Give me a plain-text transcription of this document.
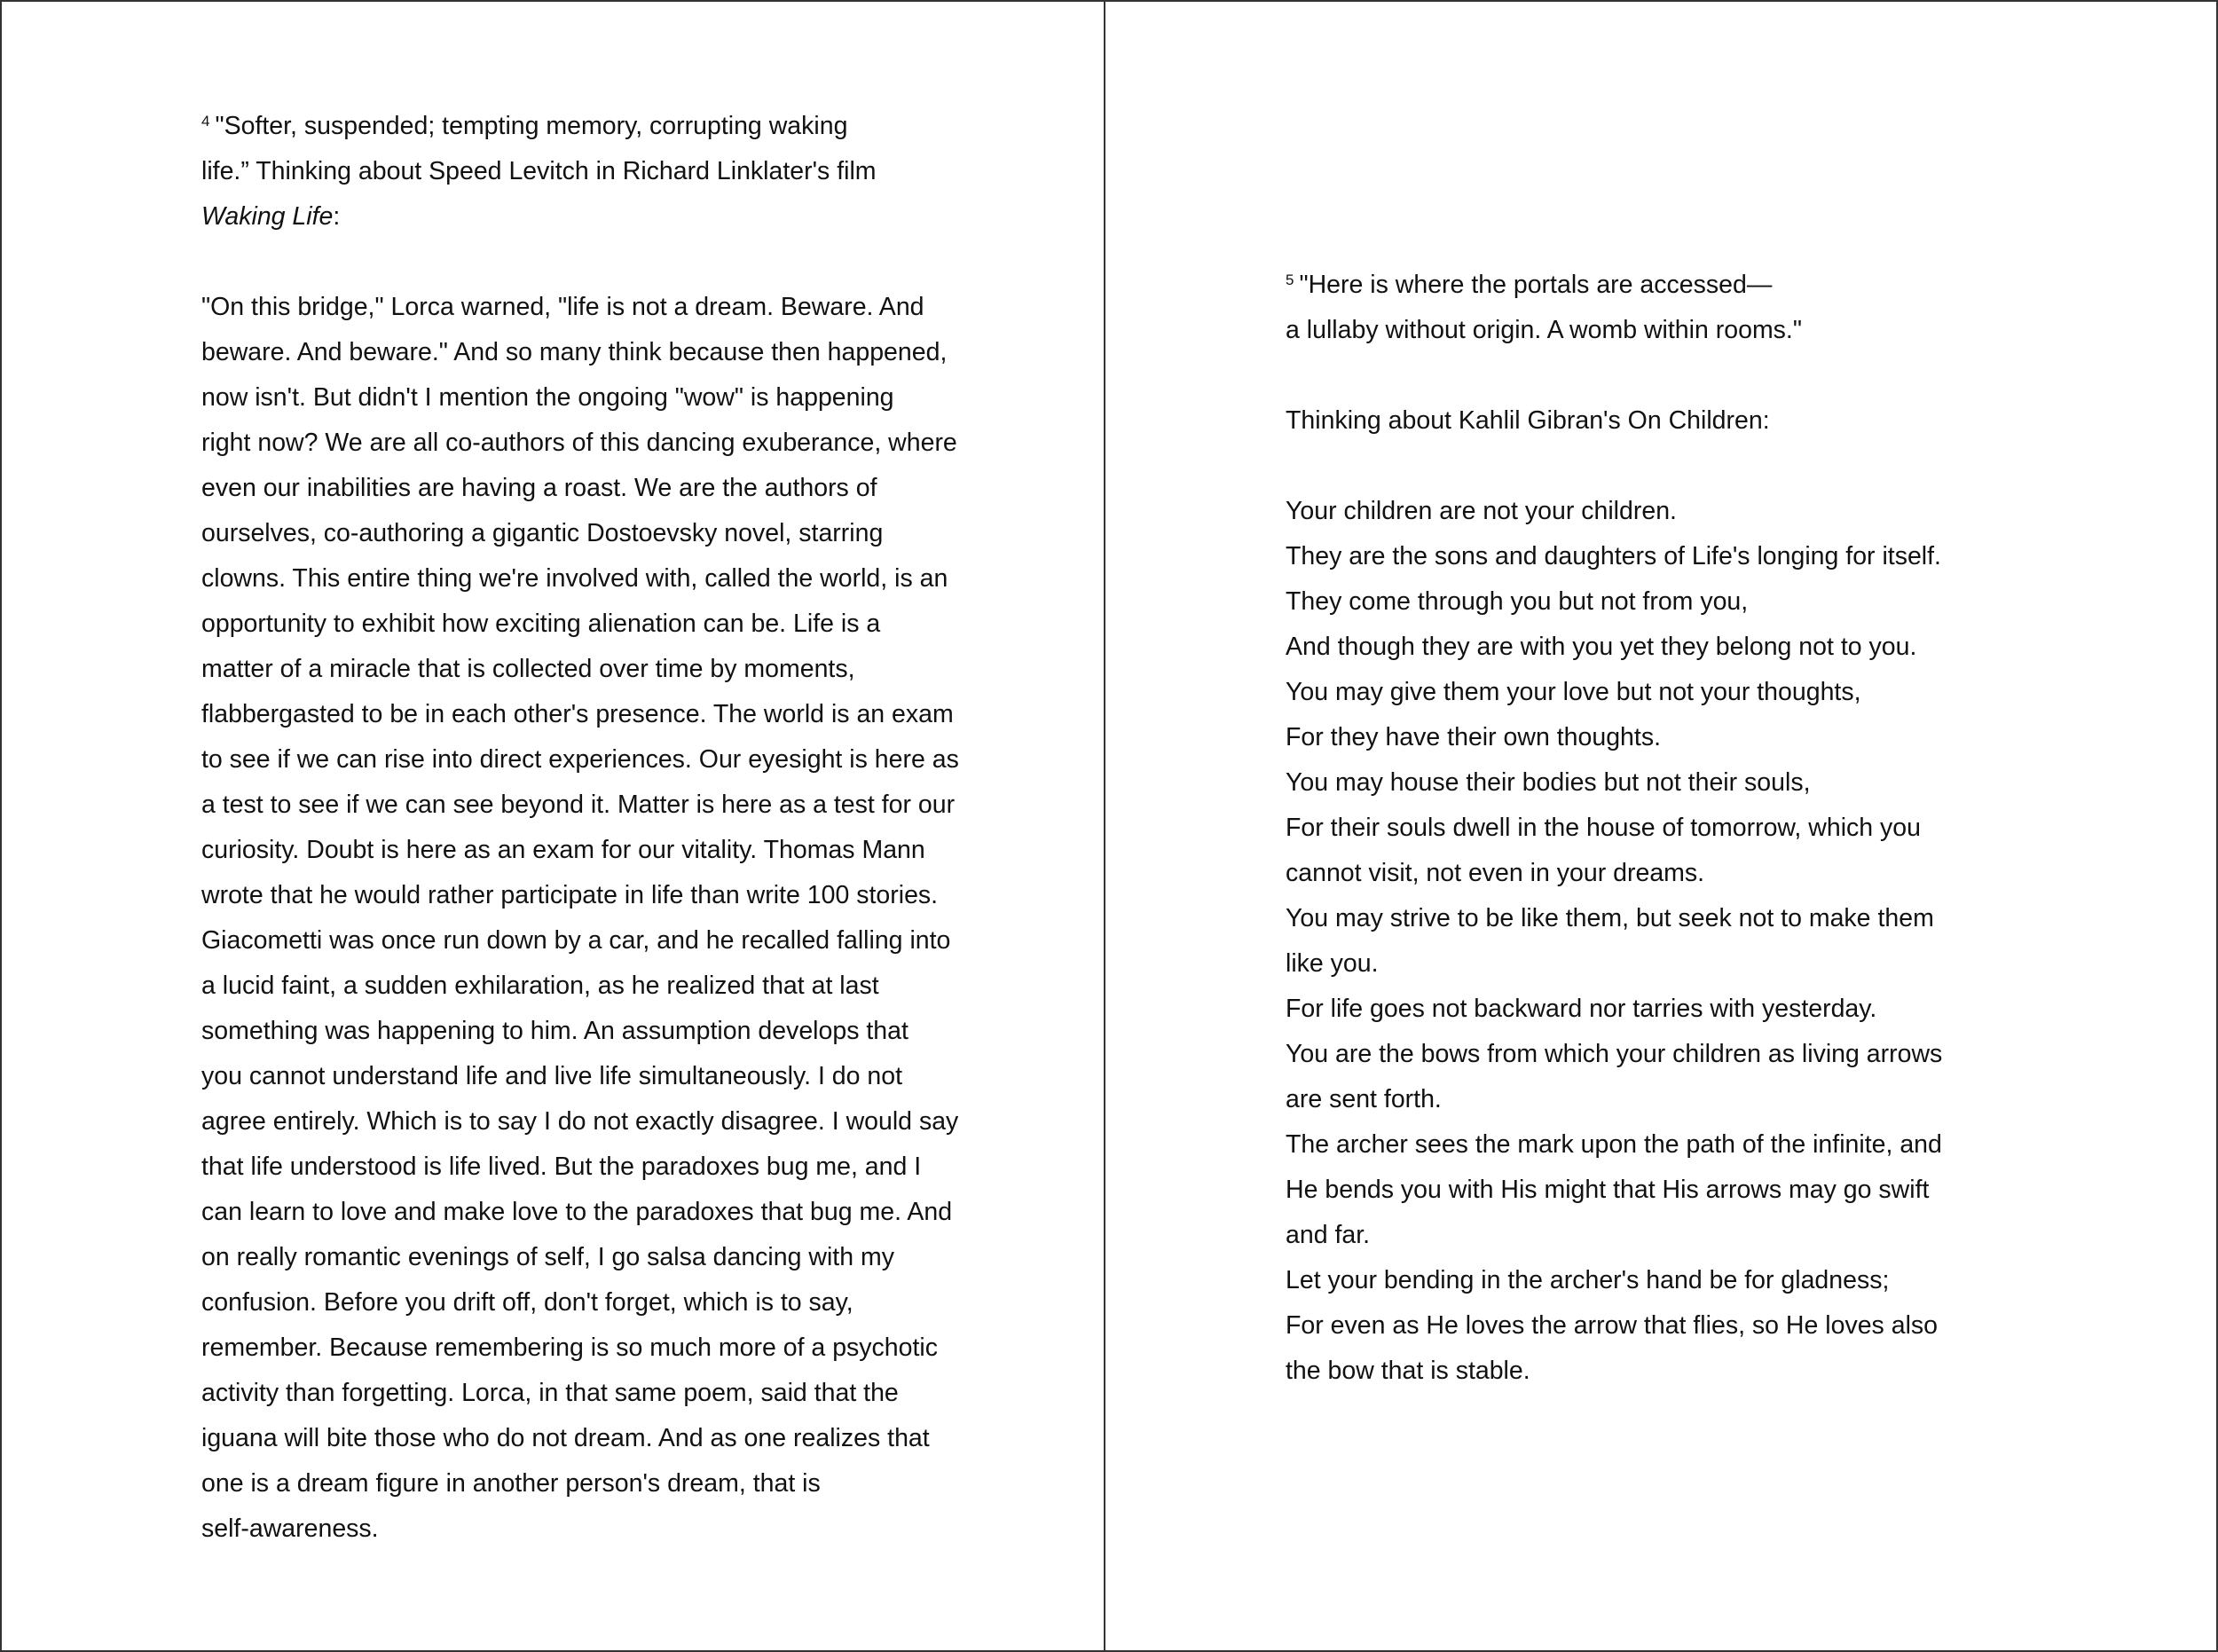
$^4$ "Softer, suspended; tempting memory, corrupting waking
life.” Thinking about Speed Levitch in Richard Linklater's film
Waking Life:
"On this bridge," Lorca warned, "life is not a dream. Beware. And
beware. And beware." And so many think because then happened,
now isn't. But didn't I mention the ongoing "wow" is happening
right now? We are all co-authors of this dancing exuberance, where
even our inabilities are having a roast. We are the authors of
ourselves, co-authoring a gigantic Dostoevsky novel, starring
clowns. This entire thing we're involved with, called the world, is an
opportunity to exhibit how exciting alienation can be. Life is a
matter of a miracle that is collected over time by moments,
flabbergasted to be in each other's presence. The world is an exam
to see if we can rise into direct experiences. Our eyesight is here as
a test to see if we can see beyond it. Matter is here as a test for our
curiosity. Doubt is here as an exam for our vitality. Thomas Mann
wrote that he would rather participate in life than write 100 stories.
Giacometti was once run down by a car, and he recalled falling into
a lucid faint, a sudden exhilaration, as he realized that at last
something was happening to him. An assumption develops that
you cannot understand life and live life simultaneously. I do not
agree entirely. Which is to say I do not exactly disagree. I would say
that life understood is life lived. But the paradoxes bug me, and I
can learn to love and make love to the paradoxes that bug me. And
on really romantic evenings of self, I go salsa dancing with my
confusion. Before you drift off, don't forget, which is to say,
remember. Because remembering is so much more of a psychotic
activity than forgetting. Lorca, in that same poem, said that the
iguana will bite those who do not dream. And as one realizes that
one is a dream figure in another person's dream, that is
self-awareness.
$^5$ "Here is where the portals are accessed—
a lullaby without origin. A womb within rooms."
Thinking about Kahlil Gibran's On Children:
Your children are not your children.
They are the sons and daughters of Life's longing for itself.
They come through you but not from you,
And though they are with you yet they belong not to you.
You may give them your love but not your thoughts,
For they have their own thoughts.
You may house their bodies but not their souls,
For their souls dwell in the house of tomorrow, which you
cannot visit, not even in your dreams.
You may strive to be like them, but seek not to make them
like you.
For life goes not backward nor tarries with yesterday.
You are the bows from which your children as living arrows
are sent forth.
The archer sees the mark upon the path of the infinite, and
He bends you with His might that His arrows may go swift
and far.
Let your bending in the archer's hand be for gladness;
For even as He loves the arrow that flies, so He loves also
the bow that is stable.
